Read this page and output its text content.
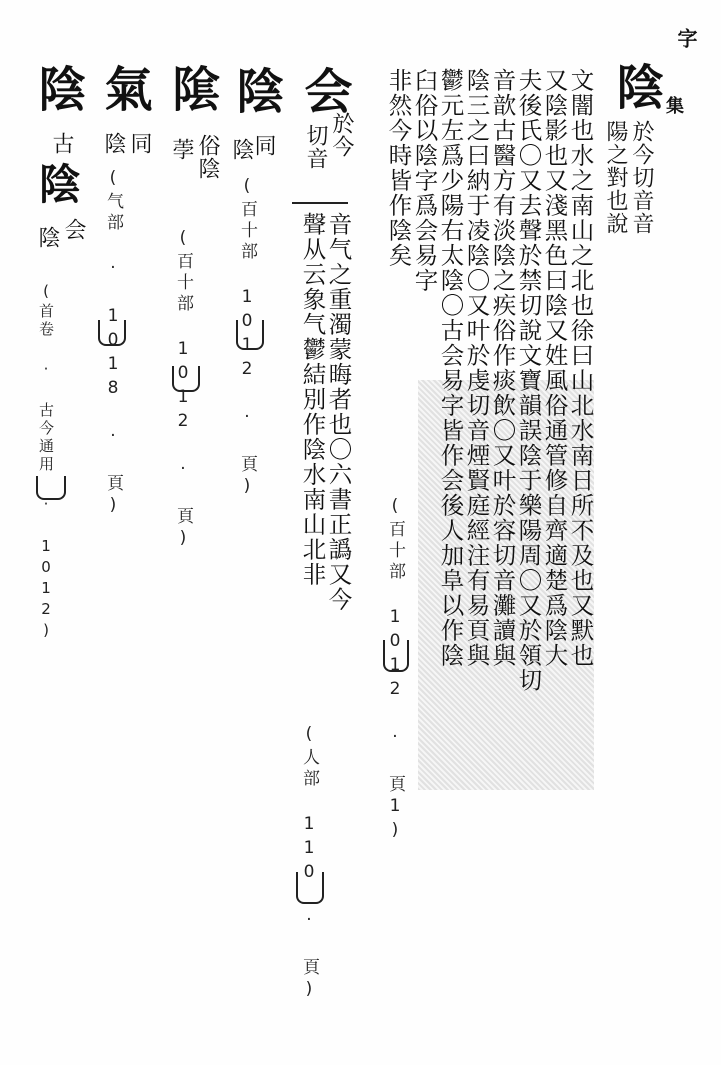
字
集
陰
於今切音音
陽之對也說
文闇也水之南山之北也徐曰山北水南日所不及也又默也
又陰影也又淺黑色曰陰又姓風俗通管修自齊適楚爲陰大
夫後氏〇又去聲於禁切說文寶韻誤陰于樂陽周〇又於領切
音歆古醫方有淡陰之疾俗作痰飲〇又叶於容切音灘讀與
陰三之曰納于凌陰〇又叶於虔切音煙賢庭經注有易頁與
鬱元左爲少陽右太陰〇古会易字皆作会後人加阜以作陰
臼俗以陰字爲会易字
非然今時皆作陰矣
(百十部 1012 · 頁1)
会
於今
切音
音气之重濁蒙晦者也〇六書正譌又今
聲从云象气鬱結別作陰水南山北非
(人部 110 · 頁)
陰
同
陰
(百十部 1012 · 頁)
隂
俗陰
荸
(百十部 1012 · 頁)
氣
同
陰
(气部 · 1018 · 頁)
陰
古
陰
陰 会
(首卷 · 古今通用 · 1012)
